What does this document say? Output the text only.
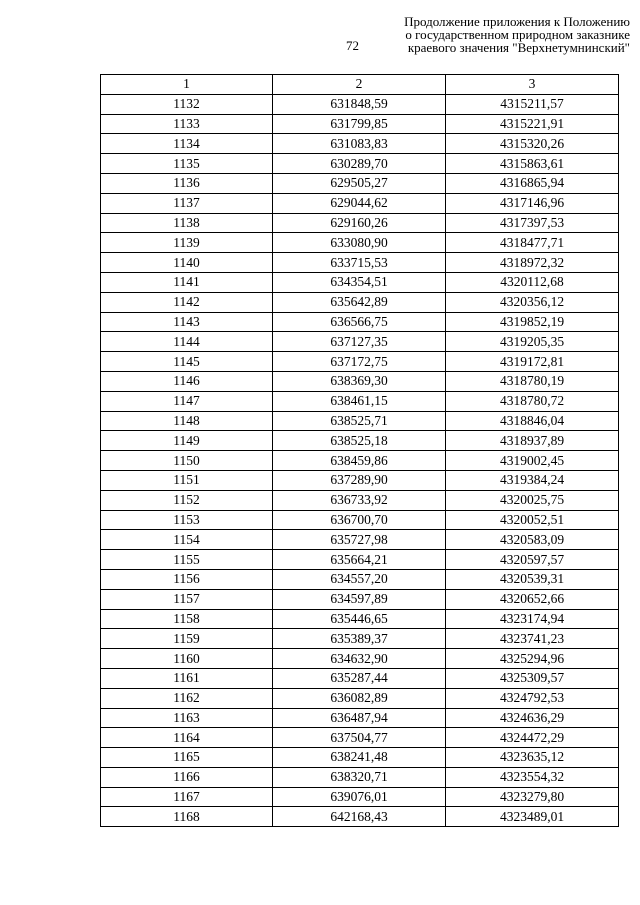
72
Продолжение приложения к Положению
о государственном природном заказнике
краевого значения "Верхнетумнинский"
1	2	3
1132	631848,59	4315211,57
1133	631799,85	4315221,91
1134	631083,83	4315320,26
1135	630289,70	4315863,61
1136	629505,27	4316865,94
1137	629044,62	4317146,96
1138	629160,26	4317397,53
1139	633080,90	4318477,71
1140	633715,53	4318972,32
1141	634354,51	4320112,68
1142	635642,89	4320356,12
1143	636566,75	4319852,19
1144	637127,35	4319205,35
1145	637172,75	4319172,81
1146	638369,30	4318780,19
1147	638461,15	4318780,72
1148	638525,71	4318846,04
1149	638525,18	4318937,89
1150	638459,86	4319002,45
1151	637289,90	4319384,24
1152	636733,92	4320025,75
1153	636700,70	4320052,51
1154	635727,98	4320583,09
1155	635664,21	4320597,57
1156	634557,20	4320539,31
1157	634597,89	4320652,66
1158	635446,65	4323174,94
1159	635389,37	4323741,23
1160	634632,90	4325294,96
1161	635287,44	4325309,57
1162	636082,89	4324792,53
1163	636487,94	4324636,29
1164	637504,77	4324472,29
1165	638241,48	4323635,12
1166	638320,71	4323554,32
1167	639076,01	4323279,80
1168	642168,43	4323489,01
